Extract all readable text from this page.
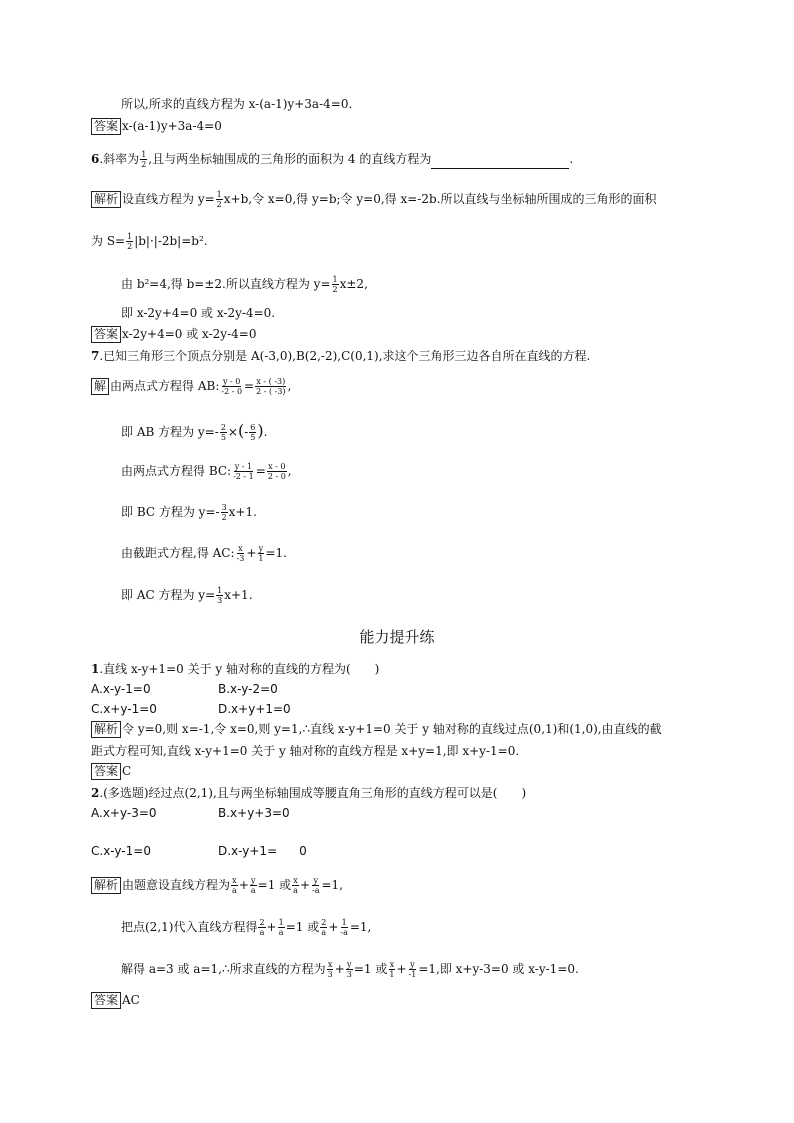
所以,所求的直线方程为 x-(a-1)y+3a-4=0.
答案 x-(a-1)y+3a-4=0
6.斜率为 $\frac{1}{2}$ ,且与两坐标轴围成的三角形的面积为 4 的直线方程为	.
解析 设直线方程为 $y= \frac{1}{2} x+b$,令 x=0,得 y=b;令 y=0,得 x=-2b.所以直线与坐标轴所围成的三角形的面积
为 $S= \frac{1}{2} |b|\cdot|-2b|=b^2$.
由 b²=4,得 b=±2.所以直线方程为 $y= \frac{1}{2} x\pm 2$,
即 x-2y+4=0 或 x-2y-4=0.
答案 x-2y+4=0 或 x-2y-4=0
7.已知三角形三个顶点分别是 A(-3,0),B(2,-2),C(0,1),求这个三角形三边各自所在直线的方程.
解 由两点式方程得 AB: $\frac{y - 0}{-2 - 0} = \frac{x - ( -3)}{2 - ( -3)}$ ,
即 AB 方程为 $y=- \frac{2}{5}$ ×(- $\frac{6}{5}$ ).
由两点式方程得 BC: $\frac{y - 1}{-2 - 1} = \frac{x - 0}{2 - 0}$ ,
即 BC 方程为 $y=- \frac{3}{2} x+1$.
由截距式方程,得 AC: $\frac{x}{-3} + \frac{y}{1} =1$.
即 AC 方程为 $y= \frac{1}{3} x+1$.
能力提升练
1.直线 x-y+1=0 关于 y 轴对称的直线的方程为(　　)
A.x-y-1=0	B.x-y-2=0
C.x+y-1=0	D.x+y+1=0
解析 令 y=0,则 x=-1,令 x=0,则 y=1,∴直线 x-y+1=0 关于 y 轴对称的直线过点(0,1)和(1,0),由直线的截
距式方程可知,直线 x-y+1=0 关于 y 轴对称的直线方程是 x+y=1,即 x+y-1=0.
答案 C
2.(多选题)经过点(2,1),且与两坐标轴围成等腰直角三角形的直线方程可以是(　　)
A.x+y-3=0	B.x+y+3=0
C.x-y-1=0	D.x-y+1= 0
解析 由题意设直线方程为 $\frac{x}{a} + \frac{y}{a} =1$ 或 $\frac{x}{a} + \frac{y}{-a} =1$,
把点(2,1)代入直线方程得 $\frac{2}{a} + \frac{1}{a} =1$ 或 $\frac{2}{a} + \frac{1}{-a} =1$,
解得 a=3 或 a=1,∴所求直线的方程为 $\frac{x}{3} + \frac{y}{3} =1$ 或 $\frac{x}{1} + \frac{y}{-1} =1$,即 x+y-3=0 或 x-y-1=0.
答案 AC
